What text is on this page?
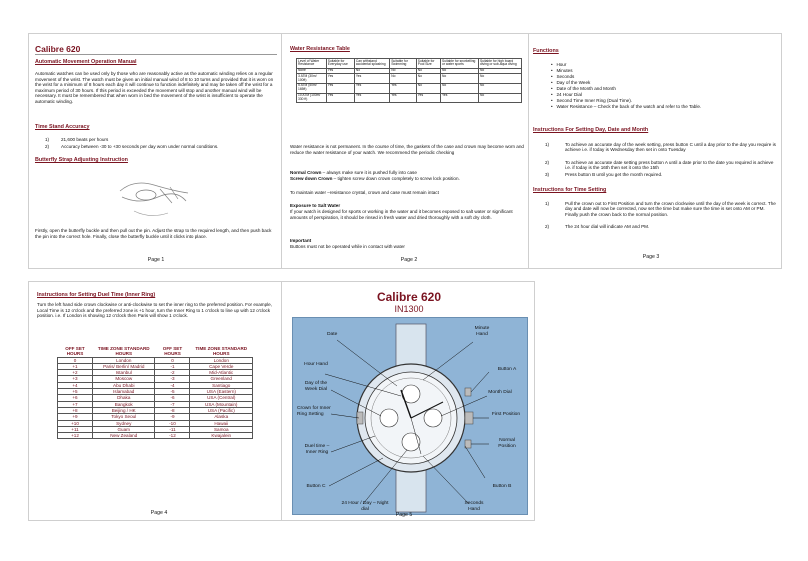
Calibre 620
Automatic Movement Operation Manual
Automatic watches can be used only by those who are reasonably active as the automatic winding relies on a regular movement of the wrist. The watch must be given an initial manual wind of 8 to 10 turns and provided that it is worn on the wrist for a minimum of 8 hours each day it will continue to function indefinitely and may be taken off the wrist for a maximum period of 30 hours. If this period is exceeded the movement will stop and another manual wind will be necessary. It must be remembered that when worn in bed the movement of the wrist is insufficient to operate the automatic winding.
Time Stand Accuracy
1)	21,600 beats per hours
2)	Accuracy between -30 to +30 seconds per day worn under normal conditions.
Butterfly Strap Adjusting Instruction
Firstly, open the butterfly buckle and then pull out the pin. Adjust the strap to the required length, and then push back the pin into the correct hole. Finally, close the butterfly buckle until it clicks into place.
Page 1
Water Resistance Table
Level of Water Resistance	Suitable for Everyday use	Can withstand accidental splashing	Suitable for Swimming	Suitable for Pool Size	Suitable for snorkelling or water sports	Suitable for high board diving or sub-aqua diving
None	Yes	No	No	No	No	No
3 ATM (30m/ 100ft)	Yes	Yes	No	No	No	No
5 ATM (50m/ 165ft)	Yes	Yes	Yes	No	No	No
10 ATM (100m/ 330 ft)	Yes	Yes	Yes	Yes	Yes	No
Water resistance is not permanent. In the course of time, the gaskets of the case and crown may become worn and reduce the water resistance of your watch. We recommend the periodic checking
Normal Crown – always make sure it is pushed fully into case
Screw down Crown – tighten screw down crown completely to screw lock position.
To maintain water –resistance crystal, crown and case must remain intact
Exposure to Salt Water
If your watch is designed for sports or working in the water and it becomes exposed to salt water or significant amounts of perspiration, it should be rinsed in fresh water and dried thoroughly with a soft dry cloth.
Important
Buttons must not be operated while in contact with water
Page 2
Functions
•   Hour
•   Minutes
•   Seconds
•   Day of the Week
•   Date of the Month and Month
•   24 Hour Dial
•   Second Time Inner Ring (Dual Time).
•   Water Resistance – Check the back of the watch and refer to the Table.
Instructions For Setting Day, Date and Month
1)	To achieve an accurate day of the week setting, press button C until a day prior to the day you require is achieve i.e. if today is Wednesday then set in onto Tuesday
2)	To achieve an accurate date setting press button A until a date prior to the date you required is achieve i.e. if today is the 16th then set it onto the 15th
3)	Press button B until you get the month required.
Instructions for Time Setting
1)	Pull the crown out to First Position and turn the crown clockwise until the day of the week is correct. The day and date will now be corrected, now set the time but make sure the time is set onto AM or PM. Finally push the crown back to the normal position.
2)	The 24 hour dial will indicate AM and PM.
Page 3
Instructions for Setting Duel Time (Inner Ring)
Turn the left hand side crown clockwise or anti-clockwise to set the inner ring to the preferred position. For example, Local Time is 12 o'clock and the preferred zone is +1 hour, turn the Inner Ring to 1 o'clock to line up with 12 o'clock position. i.e. If London is showing 12 o'clock then Paris will show 1 o'clock.
OFF SET HOURS	TIME ZONE STANDARD HOURS	OFF SET HOURS	TIME ZONE STANDARD HOURS
0	London	0	London
+1	Paris/ Berlin/ Madrid	-1	Cape Verde
+2	Istanbul	-2	Mid-Atlantic
+3	Moscow	-3	Greenland
+4	Abu Dhabi	-4	Santiago
+5	Islamabad	-5	USA (Eastern)
+6	Dhaka	-6	USA (Central)
+7	Bangkok	-7	USA (Mountain)
+8	Beijing / HK	-8	USA (Pacific)
+9	Tokyo Seoul	-9	Alaska
+10	Sydney	-10	Hawaii
+11	Guam	-11	Samoa
+12	New Zealand	-12	Kwajalein
Page 4
Calibre 620
IN1300
Date
Minute Hand
Hour Hand
Day of the Week Dial
Button A
Month Dial
Crown for Inner Ring Setting	First Position
Duel time – Inner Ring
Normal Position
Button C	Button B
24 Hour / Day – Night dial
Seconds Hand
Page 5
